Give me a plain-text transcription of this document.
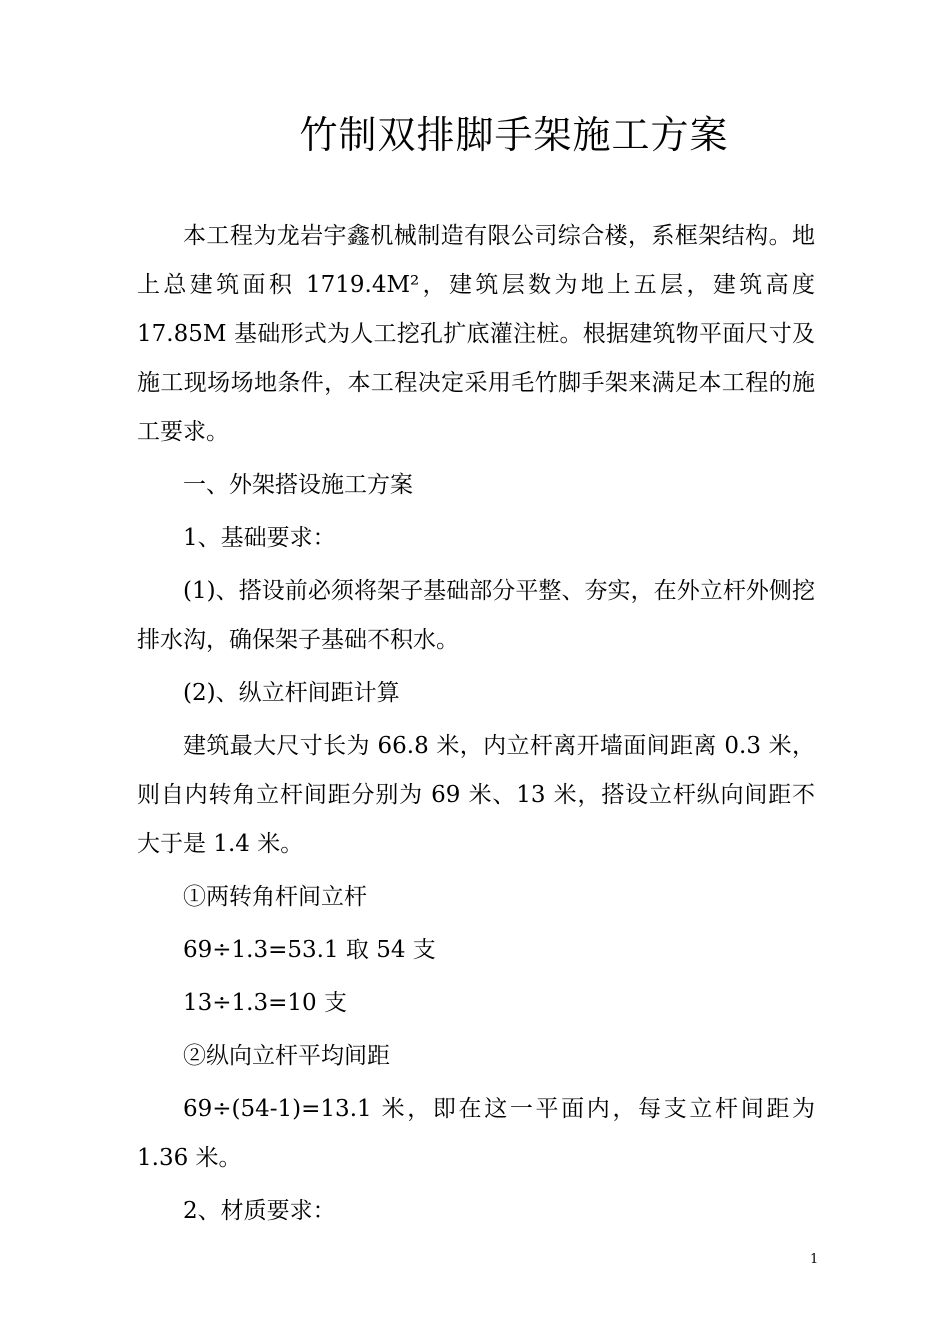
竹制双排脚手架施工方案

本工程为龙岩宇鑫机械制造有限公司综合楼，系框架结构。地上总建筑面积 1719.4M²，建筑层数为地上五层，建筑高度 17.85M 基础形式为人工挖孔扩底灌注桩。根据建筑物平面尺寸及施工现场场地条件，本工程决定采用毛竹脚手架来满足本工程的施工要求。

一、外架搭设施工方案

1、基础要求：

(1)、搭设前必须将架子基础部分平整、夯实，在外立杆外侧挖排水沟，确保架子基础不积水。

(2)、纵立杆间距计算

建筑最大尺寸长为 66.8 米，内立杆离开墙面间距离 0.3 米，则自内转角立杆间距分别为 69 米、13 米，搭设立杆纵向间距不大于是 1.4 米。

①两转角杆间立杆

69÷1.3=53.1 取 54 支

13÷1.3=10 支

②纵向立杆平均间距

69÷(54-1)=13.1 米，即在这一平面内，每支立杆间距为 1.36 米。

2、材质要求：

1
